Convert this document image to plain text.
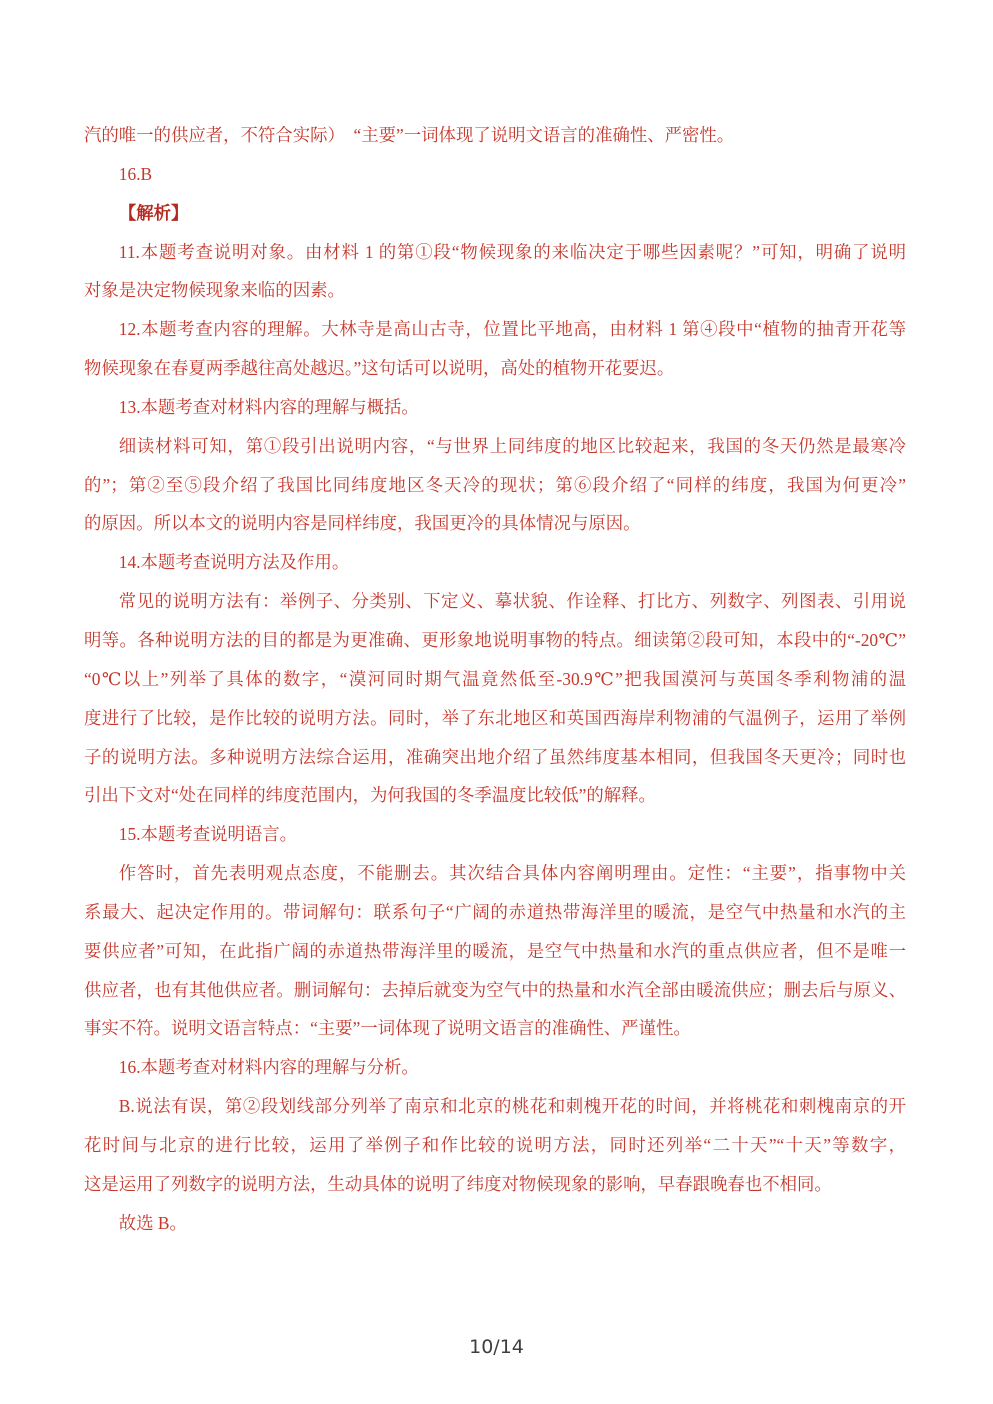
汽的唯一的供应者，不符合实际）　“主要”一词体现了说明文语言的准确性、严密性。
16.B
【解析】
11.本题考查说明对象。由材料 1 的第①段“物候现象的来临决定于哪些因素呢？”可知，明确了说明
对象是决定物候现象来临的因素。
12.本题考查内容的理解。大林寺是高山古寺，位置比平地高，由材料 1 第④段中“植物的抽青开花等
物候现象在春夏两季越往高处越迟。”这句话可以说明，高处的植物开花要迟。
13.本题考查对材料内容的理解与概括。
细读材料可知，第①段引出说明内容，“与世界上同纬度的地区比较起来，我国的冬天仍然是最寒冷
的”；第②至⑤段介绍了我国比同纬度地区冬天冷的现状；第⑥段介绍了“同样的纬度，我国为何更冷”
的原因。所以本文的说明内容是同样纬度，我国更冷的具体情况与原因。
14.本题考查说明方法及作用。
常见的说明方法有：举例子、分类别、下定义、摹状貌、作诠释、打比方、列数字、列图表、引用说
明等。各种说明方法的目的都是为更准确、更形象地说明事物的特点。细读第②段可知，本段中的“-20℃”
“0℃以上”列举了具体的数字，“漠河同时期气温竟然低至-30.9℃”把我国漠河与英国冬季利物浦的温
度进行了比较，是作比较的说明方法。同时，举了东北地区和英国西海岸利物浦的气温例子，运用了举例
子的说明方法。多种说明方法综合运用，准确突出地介绍了虽然纬度基本相同，但我国冬天更冷；同时也
引出下文对“处在同样的纬度范围内，为何我国的冬季温度比较低”的解释。
15.本题考查说明语言。
作答时，首先表明观点态度，不能删去。其次结合具体内容阐明理由。定性：“主要”，指事物中关
系最大、起决定作用的。带词解句：联系句子“广阔的赤道热带海洋里的暖流，是空气中热量和水汽的主
要供应者”可知，在此指广阔的赤道热带海洋里的暖流，是空气中热量和水汽的重点供应者，但不是唯一
供应者，也有其他供应者。删词解句：去掉后就变为空气中的热量和水汽全部由暖流供应；删去后与原义、
事实不符。说明文语言特点：“主要”一词体现了说明文语言的准确性、严谨性。
16.本题考查对材料内容的理解与分析。
B.说法有误，第②段划线部分列举了南京和北京的桃花和刺槐开花的时间，并将桃花和刺槐南京的开
花时间与北京的进行比较，运用了举例子和作比较的说明方法，同时还列举“二十天”“十天”等数字，
这是运用了列数字的说明方法，生动具体的说明了纬度对物候现象的影响，早春跟晚春也不相同。
故选 B。
10/14
